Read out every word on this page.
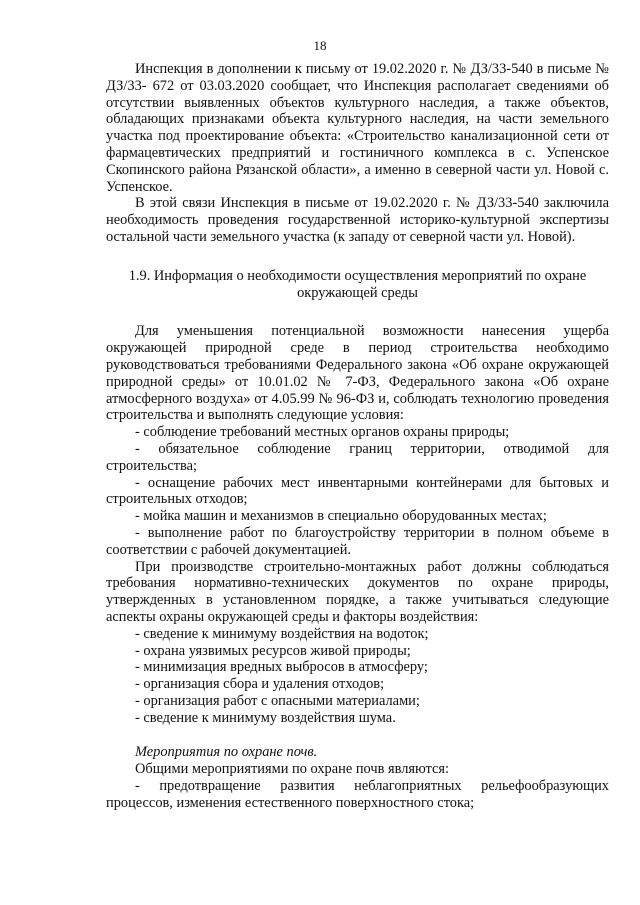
18

Инспекция в дополнении к письму от 19.02.2020 г. № ДЗ/33-540 в письме № ДЗ/33- 672 от 03.03.2020 сообщает, что Инспекция располагает сведениями об отсутствии выявленных объектов культурного наследия, а также объектов, обладающих признаками объекта культурного наследия, на части земельного участка под проектирование объекта: «Строительство канализационной сети от фармацевтических предприятий и гостиничного комплекса в с. Успенское Скопинского района Рязанской области», а именно в северной части ул. Новой с. Успенское.

В этой связи Инспекция в письме от 19.02.2020 г. № ДЗ/33-540 заключила необходимость проведения государственной историко-культурной экспертизы остальной части земельного участка (к западу от северной части ул. Новой).

1.9. Информация о необходимости осуществления мероприятий по охране

окружающей среды

Для уменьшения потенциальной возможности нанесения ущерба окружающей природной среде в период строительства необходимо руководствоваться требованиями Федерального закона «Об охране окружающей природной среды» от 10.01.02 № 7-ФЗ, Федерального закона «Об охране атмосферного воздуха» от 4.05.99 № 96-ФЗ и, соблюдать технологию проведения строительства и выполнять следующие условия:

- соблюдение требований местных органов охраны природы;

- обязательное соблюдение границ территории, отводимой для строительства;

- оснащение рабочих мест инвентарными контейнерами для бытовых и строительных отходов;

- мойка машин и механизмов в специально оборудованных местах;

- выполнение работ по благоустройству территории в полном объеме в соответствии с рабочей документацией.

При производстве строительно-монтажных работ должны соблюдаться требования нормативно-технических документов по охране природы, утвержденных в установленном порядке, а также учитываться следующие аспекты охраны окружающей среды и факторы воздействия:

- сведение к минимуму воздействия на водоток;

- охрана уязвимых ресурсов живой природы;

- минимизация вредных выбросов в атмосферу;

- организация сбора и удаления отходов;

- организация работ с опасными материалами;

- сведение к минимуму воздействия шума.

Мероприятия по охране почв.

Общими мероприятиями по охране почв являются:

- предотвращение развития неблагоприятных рельефообразующих процессов, изменения естественного поверхностного стока;
